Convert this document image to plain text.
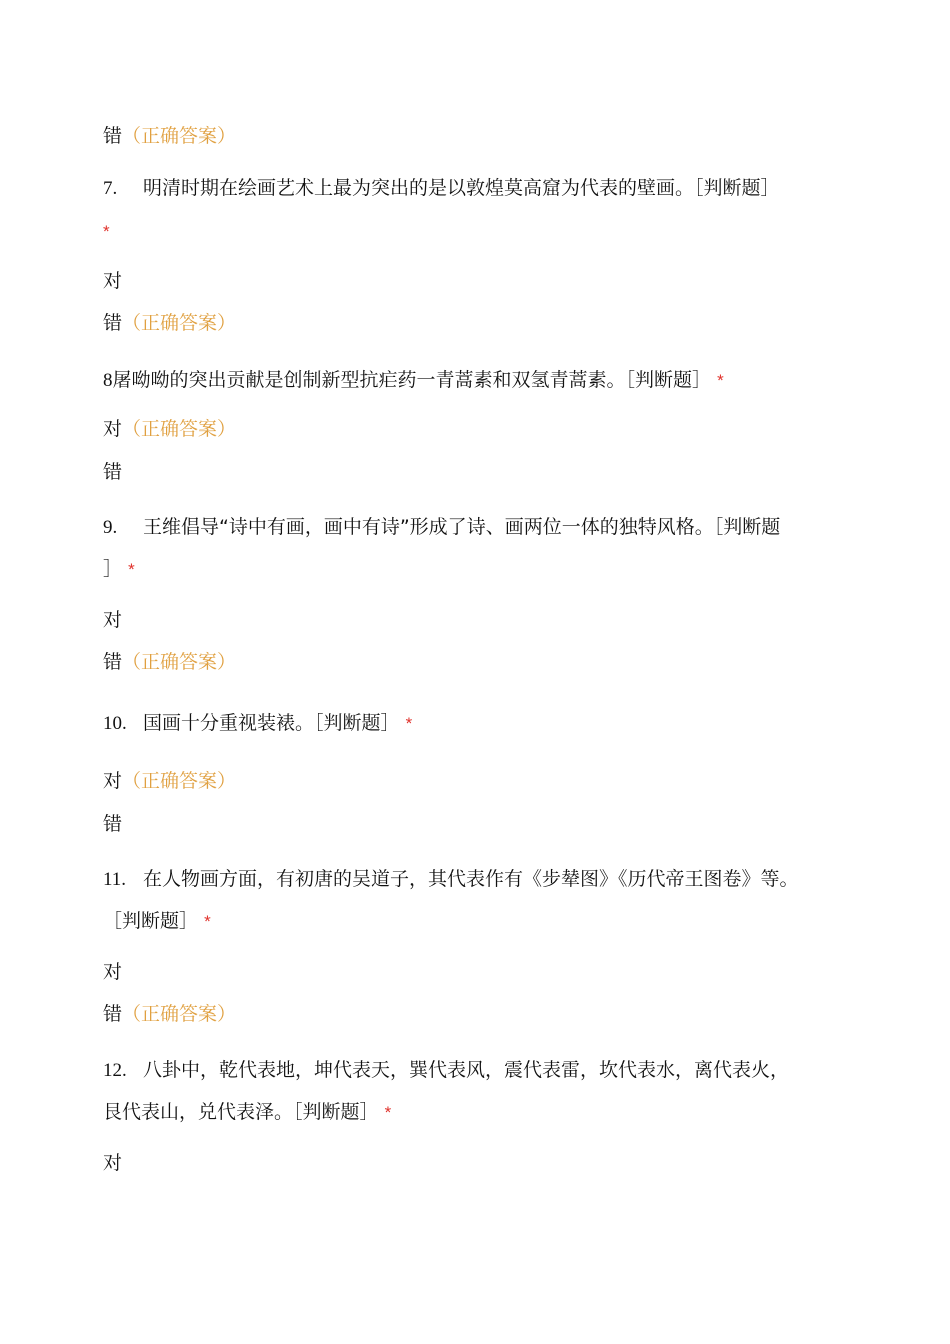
错（正确答案）
7. 明清时期在绘画艺术上最为突出的是以敦煌莫高窟为代表的壁画。［判断题］
*
对
错（正确答案）
8屠呦呦的突出贡献是创制新型抗疟药一青蒿素和双氢青蒿素。［判断题］ *
对（正确答案）
错
9. 王维倡导“诗中有画，画中有诗”形成了诗、画两位一体的独特风格。［判断题
］ *
对
错（正确答案）
10. 国画十分重视装裱。［判断题］ *
对（正确答案）
错
11. 在人物画方面，有初唐的吴道子，其代表作有《步辇图》《历代帝王图卷》等。
［判断题］ *
对
错（正确答案）
12. 八卦中，乾代表地，坤代表天，巽代表风，震代表雷，坎代表水，离代表火，
艮代表山，兑代表泽。［判断题］ *
对
